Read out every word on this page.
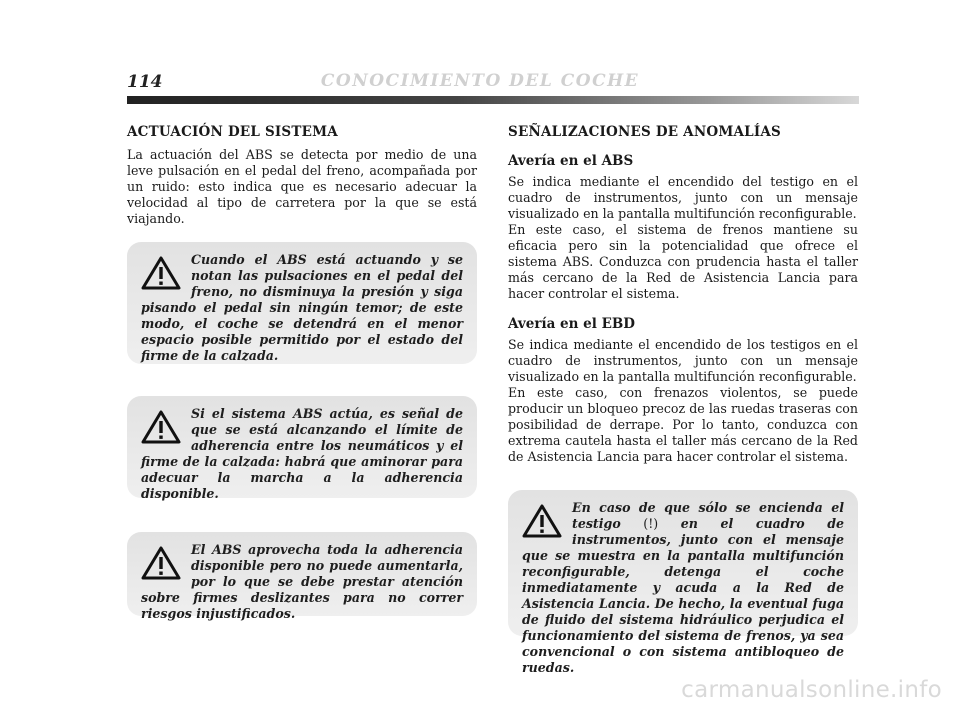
114	CONOCIMIENTO DEL COCHE

ACTUACIÓN DEL SISTEMA

La actuación del ABS se detecta por medio de una leve pulsación en el pedal del freno, acompañada por un ruido: esto indica que es necesario adecuar la velocidad al tipo de carretera por la que se está viajando.

Cuando el ABS está actuando y se notan las pulsaciones en el pedal del freno, no disminuya la presión y siga pisando el pedal sin ningún temor; de este modo, el coche se detendrá en el menor espacio posible permitido por el estado del firme de la calzada.

Si el sistema ABS actúa, es señal de que se está alcanzando el límite de adherencia entre los neumáticos y el firme de la calzada: habrá que aminorar para adecuar la marcha a la adherencia disponible.

El ABS aprovecha toda la adherencia disponible pero no puede aumentarla, por lo que se debe prestar atención sobre firmes deslizantes para no correr riesgos injustificados.

SEÑALIZACIONES DE ANOMALÍAS

Avería en el ABS

Se indica mediante el encendido del testigo en el cuadro de instrumentos, junto con un mensaje visualizado en la pantalla multifunción reconfigurable.

En este caso, el sistema de frenos mantiene su eficacia pero sin la potencialidad que ofrece el sistema ABS. Conduzca con prudencia hasta el taller más cercano de la Red de Asistencia Lancia para hacer controlar el sistema.

Avería en el EBD

Se indica mediante el encendido de los testigos en el cuadro de instrumentos, junto con un mensaje visualizado en la pantalla multifunción reconfigurable.

En este caso, con frenazos violentos, se puede producir un bloqueo precoz de las ruedas traseras con posibilidad de derrape. Por lo tanto, conduzca con extrema cautela hasta el taller más cercano de la Red de Asistencia Lancia para hacer controlar el sistema.

En caso de que sólo se encienda el testigo (!) en el cuadro de instrumentos, junto con el mensaje que se muestra en la pantalla multifunción reconfigurable, detenga el coche inmediatamente y acuda a la Red de Asistencia Lancia. De hecho, la eventual fuga de fluido del sistema hidráulico perjudica el funcionamiento del sistema de frenos, ya sea convencional o con sistema antibloqueo de ruedas.

carmanualsonline.info
